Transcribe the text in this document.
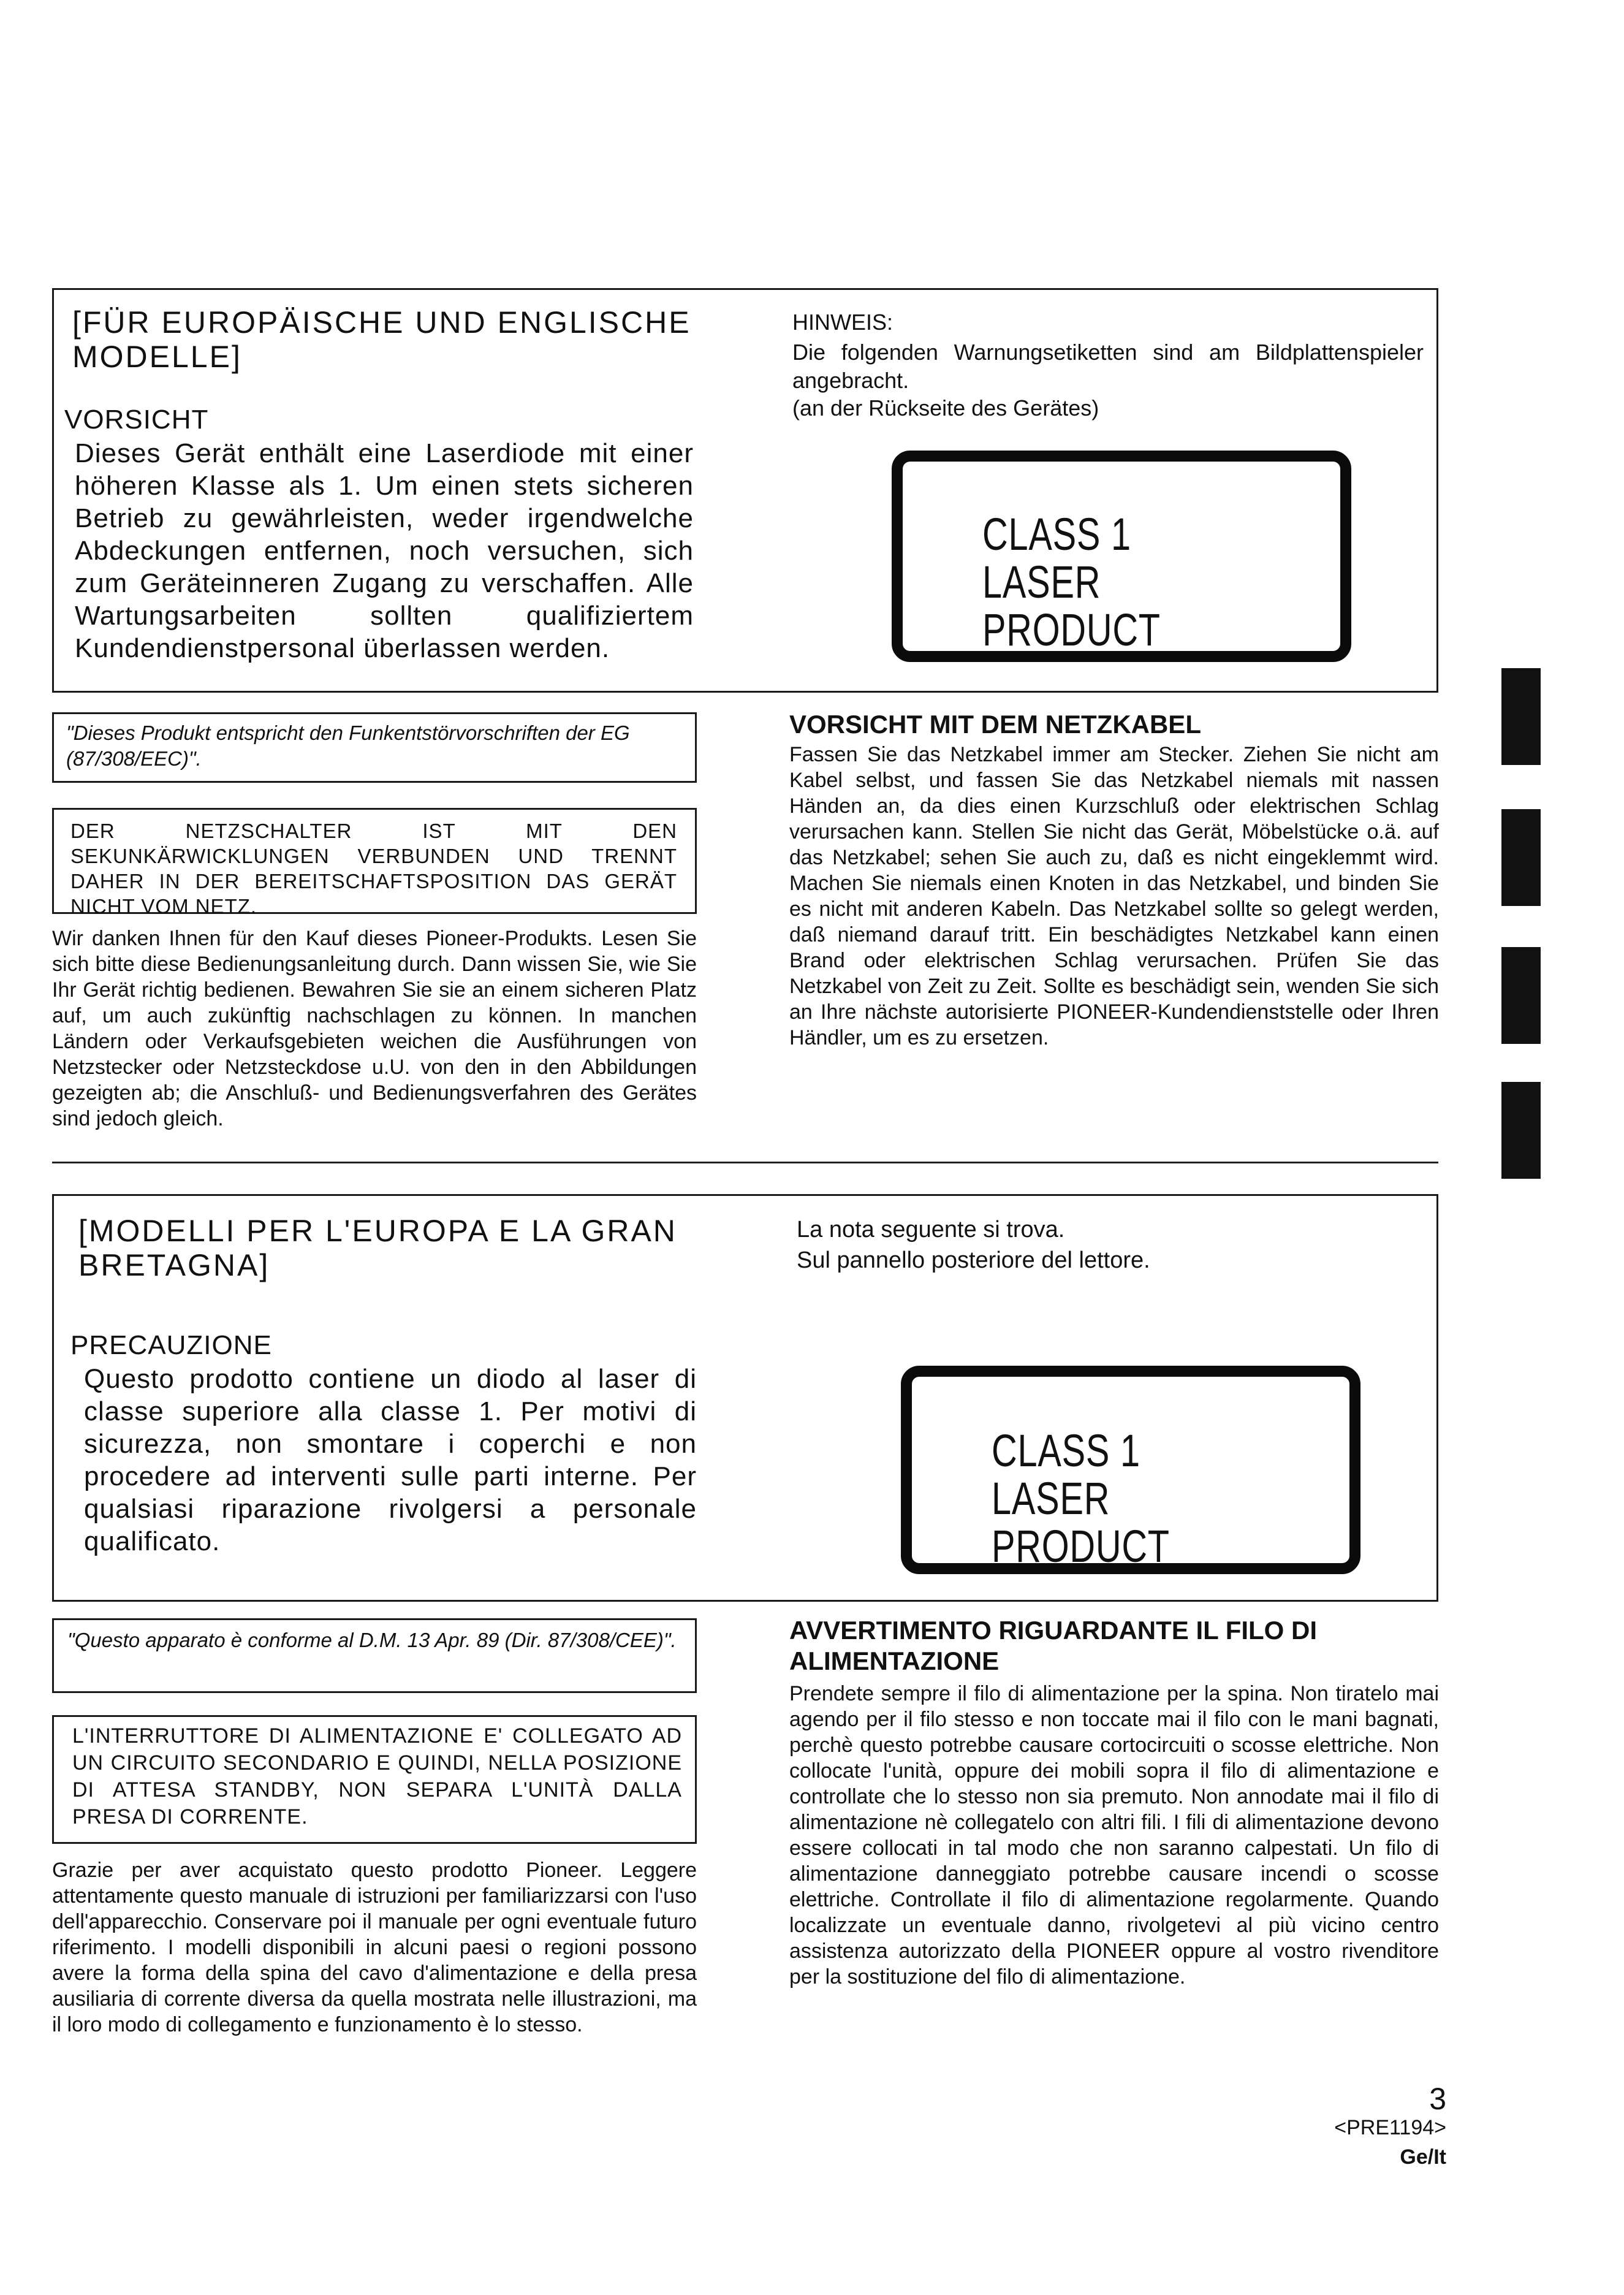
[FÜR EUROPÄISCHE UND ENGLISCHE MODELLE]
VORSICHT
Dieses Gerät enthält eine Laserdiode mit einer höheren Klasse als 1. Um einen stets sicheren Betrieb zu gewährleisten, weder irgendwelche Abdeckungen entfernen, noch versuchen, sich zum Geräteinneren Zugang zu verschaffen. Alle Wartungsarbeiten sollten qualifiziertem Kundendienstpersonal überlassen werden.
HINWEIS:
Die folgenden Warnungsetiketten sind am Bildplattenspieler angebracht.
(an der Rückseite des Gerätes)
CLASS 1
LASER PRODUCT
"Dieses Produkt entspricht den Funkentstörvorschriften der EG (87/308/EEC)".
DER NETZSCHALTER IST MIT DEN SEKUNKÄRWICKLUNGEN VERBUNDEN UND TRENNT DAHER IN DER BEREITSCHAFTSPOSITION DAS GERÄT NICHT VOM NETZ.
Wir danken Ihnen für den Kauf dieses Pioneer-Produkts. Lesen Sie sich bitte diese Bedienungsanleitung durch. Dann wissen Sie, wie Sie Ihr Gerät richtig bedienen. Bewahren Sie sie an einem sicheren Platz auf, um auch zukünftig nachschlagen zu können. In manchen Ländern oder Verkaufsgebieten weichen die Ausführungen von Netzstecker oder Netzsteckdose u.U. von den in den Abbildungen gezeigten ab; die Anschluß- und Bedienungsverfahren des Gerätes sind jedoch gleich.
VORSICHT MIT DEM NETZKABEL
Fassen Sie das Netzkabel immer am Stecker. Ziehen Sie nicht am Kabel selbst, und fassen Sie das Netzkabel niemals mit nassen Händen an, da dies einen Kurzschluß oder elektrischen Schlag verursachen kann. Stellen Sie nicht das Gerät, Möbelstücke o.ä. auf das Netzkabel; sehen Sie auch zu, daß es nicht eingeklemmt wird. Machen Sie niemals einen Knoten in das Netzkabel, und binden Sie es nicht mit anderen Kabeln. Das Netzkabel sollte so gelegt werden, daß niemand darauf tritt. Ein beschädigtes Netzkabel kann einen Brand oder elektrischen Schlag verursachen. Prüfen Sie das Netzkabel von Zeit zu Zeit. Sollte es beschädigt sein, wenden Sie sich an Ihre nächste autorisierte PIONEER-Kundendienststelle oder Ihren Händler, um es zu ersetzen.
[MODELLI PER L'EUROPA E LA GRAN BRETAGNA]
PRECAUZIONE
Questo prodotto contiene un diodo al laser di classe superiore alla classe 1. Per motivi di sicurezza, non smontare i coperchi e non procedere ad interventi sulle parti interne. Per qualsiasi riparazione rivolgersi a personale qualificato.
La nota seguente si trova.
Sul pannello posteriore del lettore.
CLASS 1
LASER PRODUCT
"Questo apparato è conforme al D.M. 13 Apr. 89 (Dir. 87/308/CEE)".
L'INTERRUTTORE DI ALIMENTAZIONE E' COLLEGATO AD UN CIRCUITO SECONDARIO E QUINDI, NELLA POSIZIONE DI ATTESA STANDBY, NON SEPARA L'UNITÀ DALLA PRESA DI CORRENTE.
Grazie per aver acquistato questo prodotto Pioneer. Leggere attentamente questo manuale di istruzioni per familiarizzarsi con l'uso dell'apparecchio. Conservare poi il manuale per ogni eventuale futuro riferimento. I modelli disponibili in alcuni paesi o regioni possono avere la forma della spina del cavo d'alimentazione e della presa ausiliaria di corrente diversa da quella mostrata nelle illustrazioni, ma il loro modo di collegamento e funzionamento è lo stesso.
AVVERTIMENTO RIGUARDANTE IL FILO DI ALIMENTAZIONE
Prendete sempre il filo di alimentazione per la spina. Non tiratelo mai agendo per il filo stesso e non toccate mai il filo con le mani bagnati, perchè questo potrebbe causare cortocircuiti o scosse elettriche. Non collocate l'unità, oppure dei mobili sopra il filo di alimentazione e controllate che lo stesso non sia premuto. Non annodate mai il filo di alimentazione nè collegatelo con altri fili. I fili di alimentazione devono essere collocati in tal modo che non saranno calpestati. Un filo di alimentazione danneggiato potrebbe causare incendi o scosse elettriche. Controllate il filo di alimentazione regolarmente. Quando localizzate un eventuale danno, rivolgetevi al più vicino centro assistenza autorizzato della PIONEER oppure al vostro rivenditore per la sostituzione del filo di alimentazione.
3
<PRE1194>
Ge/It
